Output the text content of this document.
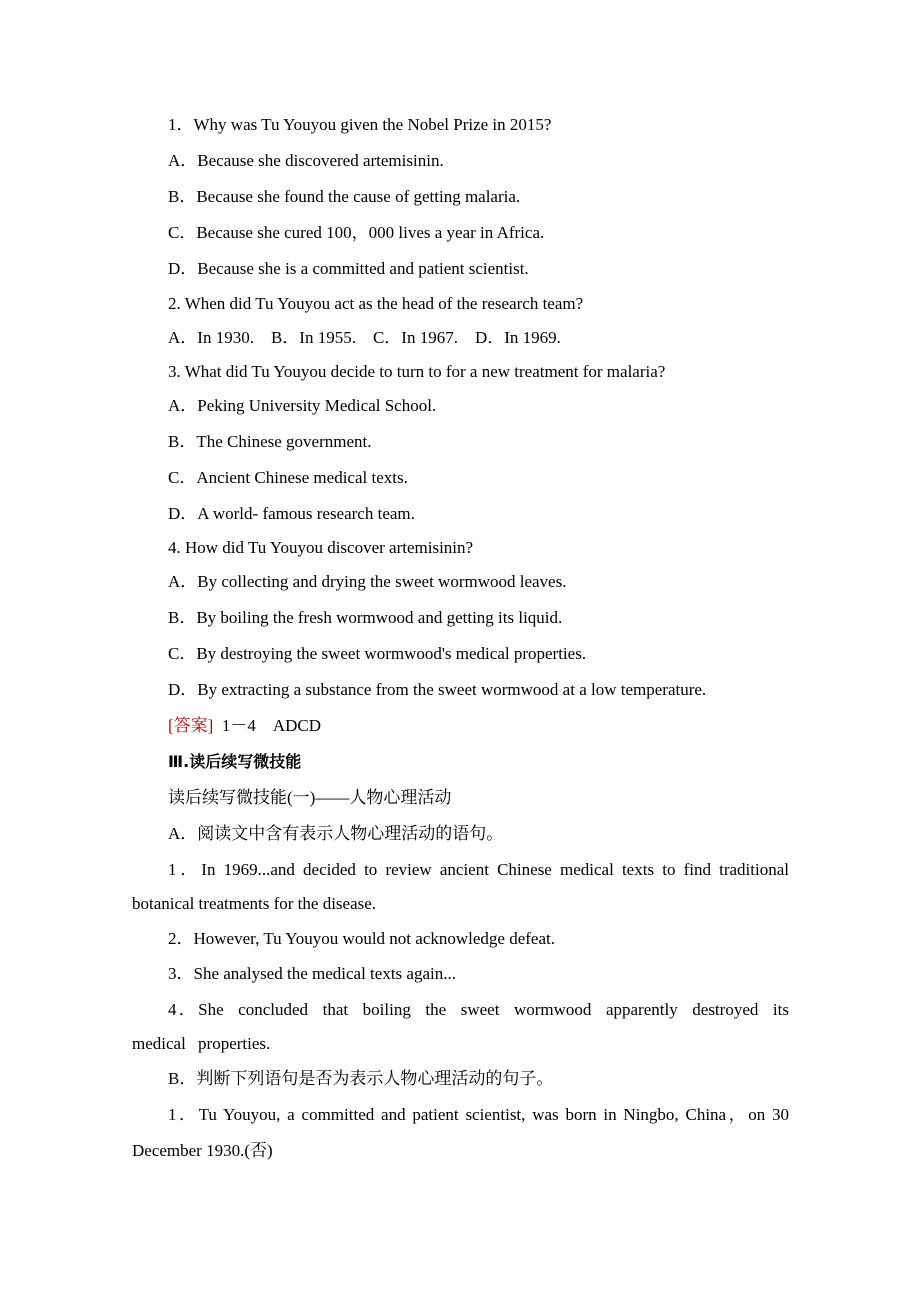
1．Why was Tu Youyou given the Nobel Prize in 2015?
A．Because she discovered artemisinin.
B．Because she found the cause of getting malaria.
C．Because she cured 100，000 lives a year in Africa.
D．Because she is a committed and patient scientist.
2. When did Tu Youyou act as the head of the research team?
A．In 1930.    B．In 1955.    C．In 1967.    D．In 1969.
3. What did Tu Youyou decide to turn to for a new treatment for malaria?
A．Peking University Medical School.
B．The Chinese government.
C．Ancient Chinese medical texts.
D．A world- famous research team.
4. How did Tu Youyou discover artemisinin?
A．By collecting and drying the sweet wormwood leaves.
B．By boiling the fresh wormwood and getting its liquid.
C．By destroying the sweet wormwood's medical properties.
D．By extracting a substance from the sweet wormwood at a low temperature.
[答案]  1－4    ADCD
Ⅲ.读后续写微技能
读后续写微技能(一)——人物心理活动
A．阅读文中含有表示人物心理活动的语句。
1．In 1969...and decided to review ancient Chinese medical texts to find traditional botanical treatments for the disease.
2．However, Tu Youyou would not acknowledge defeat.
3．She analysed the medical texts again...
4．She concluded that boiling the sweet wormwood apparently destroyed its medical properties.
B．判断下列语句是否为表示人物心理活动的句子。
1．Tu Youyou, a committed and patient scientist, was born in Ningbo, China，on 30 December 1930.(否)
